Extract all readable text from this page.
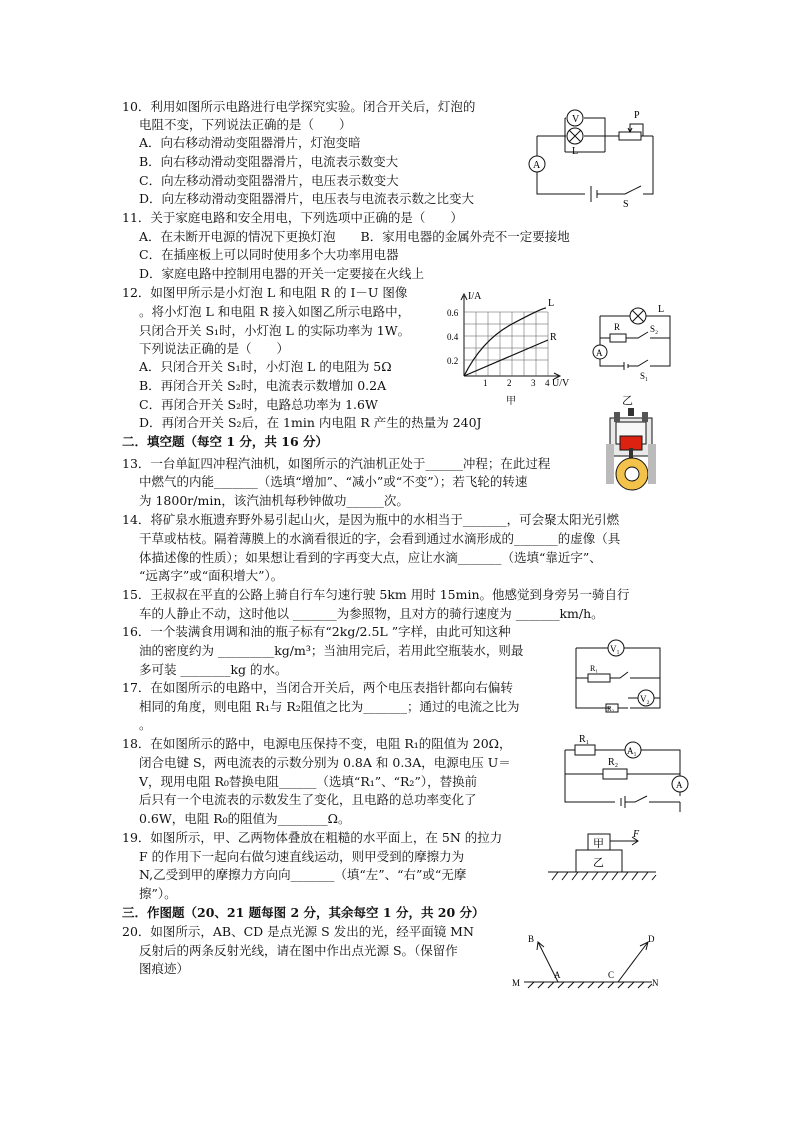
10．利用如图所示电路进行电学探究实验。闭合开关后，灯泡的
电阻不变，下列说法正确的是（　　）
A．向右移动滑动变阻器滑片，灯泡变暗
B．向右移动滑动变阻器滑片，电流表示数变大
C．向左移动滑动变阻器滑片，电压表示数变大
D．向左移动滑动变阻器滑片，电压表与电流表示数之比变大
V
L
P
A
S
11．关于家庭电路和安全用电，下列选项中正确的是（　　）
A．在未断开电源的情况下更换灯泡　　B．家用电器的金属外壳不一定要接地
C．在插座板上可以同时使用多个大功率用电器
D．家庭电路中控制用电器的开关一定要接在火线上
12．如图甲所示是小灯泡 L 和电阻 R 的 I－U 图像
。将小灯泡 L 和电阻 R 接入如图乙所示电路中，
只闭合开关 S₁时，小灯泡 L 的实际功率为 1W。
下列说法正确的是（　　）
A．只闭合开关 S₁时，小灯泡 L 的电阻为 5Ω
B．再闭合开关 S₂时，电流表示数增加 0.2A
C．再闭合开关 S₂时，电路总功率为 1.6W
D．再闭合开关 S₂后，在 1min 内电阻 R 产生的热量为 240J
I/A
0.6
0.4
0.2
1 2 3 4 U/V
L
R
甲
L
R	S₂
A
S₁
乙
二．填空题（每空 1 分，共 16 分）
13．一台单缸四冲程汽油机，如图所示的汽油机正处于______冲程；在此过程
中燃气的内能_______（选填“增加”、“减小”或“不变”）；若飞轮的转速
为 1800r/min，该汽油机每秒钟做功______次。
14．将矿泉水瓶遗弃野外易引起山火，是因为瓶中的水相当于_______，可会聚太阳光引燃
干草或枯枝。隔着薄膜上的水滴看很近的字，会看到通过水滴形成的_______的虚像（具
体描述像的性质）；如果想让看到的字再变大点，应让水滴_______（选填“靠近字”、
“远离字”或“面积增大”）。
15．王叔叔在平直的公路上骑自行车匀速行驶 5km 用时 15min。他感觉到身旁另一骑自行
车的人静止不动，这时他以 _______为参照物，且对方的骑行速度为 _______km/h。
16．一个装满食用调和油的瓶子标有“2kg/2.5L ”字样，由此可知这种
油的密度约为 _________kg/m³；当油用完后，若用此空瓶装水，则最
多可装 ________kg 的水。
V₁
R₁
V₂
R₂
17．在如图所示的电路中，当闭合开关后，两个电压表指针都向右偏转
相同的角度，则电阻 R₁与 R₂阻值之比为_______；通过的电流之比为
。
R₁
A₁
R₂
A
18．在如图所示的路中，电源电压保持不变，电阻 R₁的阻值为 20Ω，
闭合电键 S，两电流表的示数分别为 0.8A 和 0.3A，电源电压 U＝
V，现用电阻 R₀替换电阻______（选填“R₁”、“R₂”），替换前
后只有一个电流表的示数发生了变化，且电路的总功率变化了
0.6W，电阻 R₀的阻值为________Ω。
19．如图所示，甲、乙两物体叠放在粗糙的水平面上，在 5N 的拉力
F 的作用下一起向右做匀速直线运动，则甲受到的摩擦力为
N,乙受到甲的摩擦力方向向_______（填“左”、“右”或“无摩
擦”）。
甲
乙
F
三．作图题（20、21 题每图 2 分，其余每空 1 分，共 20 分）
20．如图所示，AB、CD 是点光源 S 发出的光，经平面镜 MN
反射后的两条反射光线，请在图中作出点光源 S。（保留作
图痕迹）
B
A	C
D
M	N
